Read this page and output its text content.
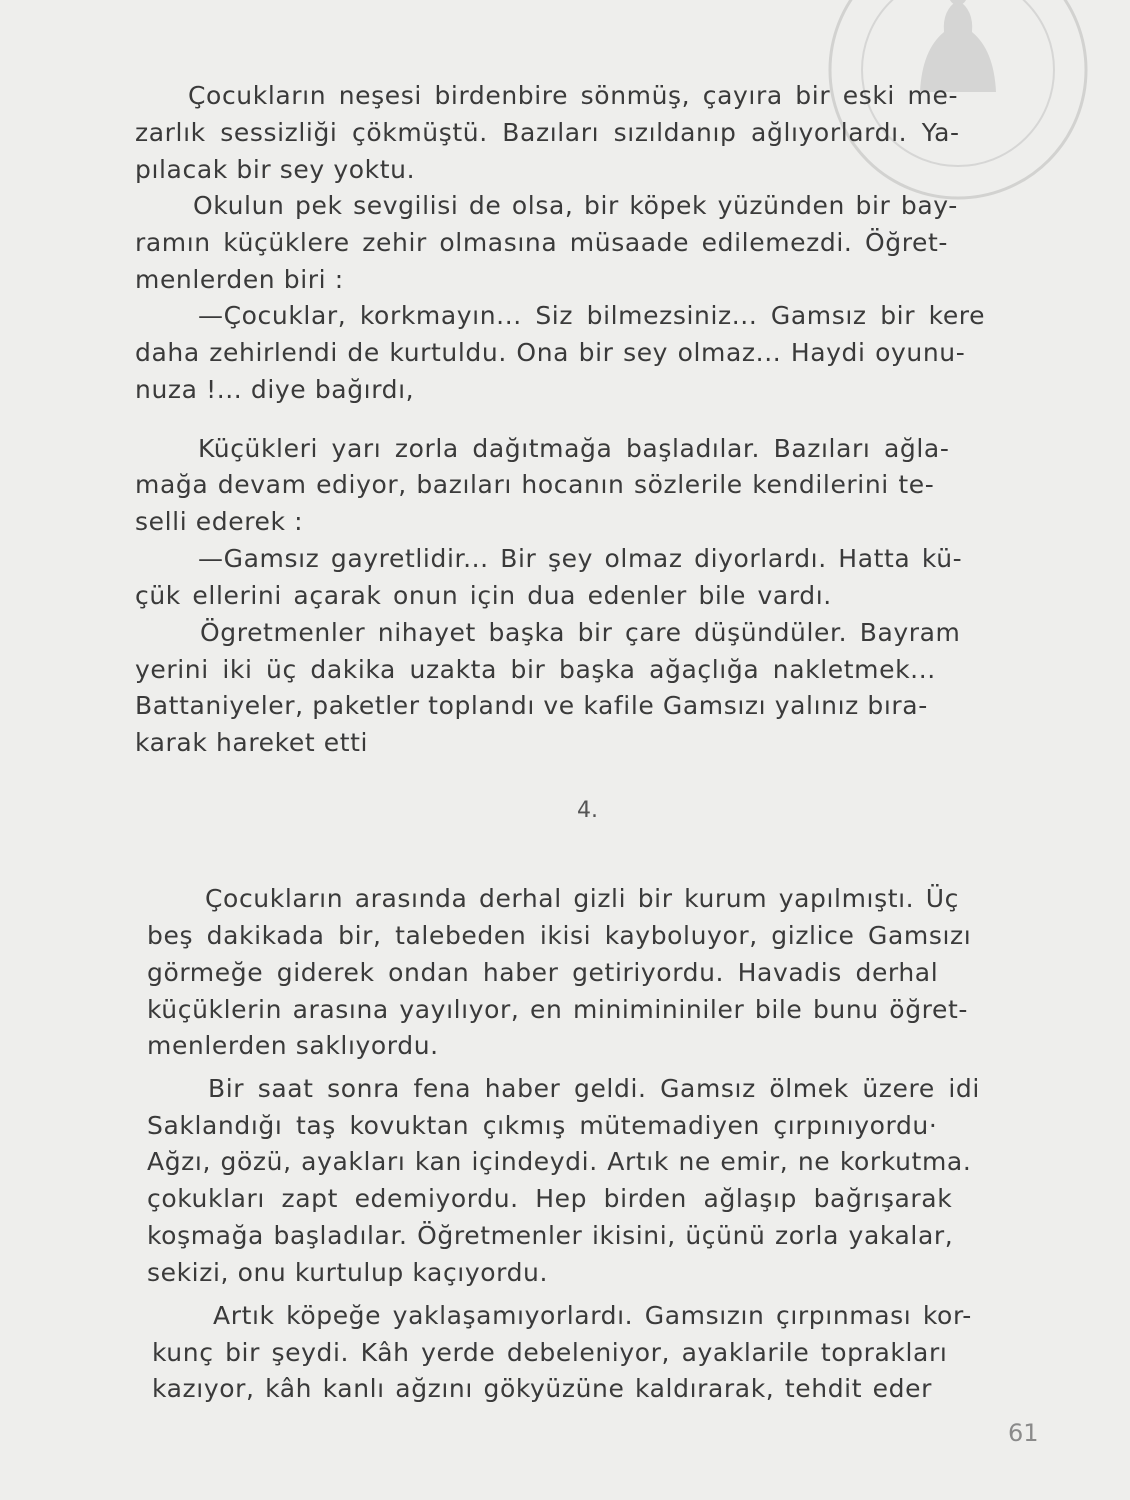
Çocukların neşesi birdenbire sönmüş, çayıra bir eski me-
zarlık sessizliği çökmüştü. Bazıları sızıldanıp ağlıyorlardı. Ya-
pılacak bir sey yoktu.
Okulun pek sevgilisi de olsa, bir köpek yüzünden bir bay-
ramın küçüklere zehir olmasına müsaade edilemezdi. Öğret-
menlerden biri :
—Çocuklar, korkmayın... Siz bilmezsiniz... Gamsız bir kere
daha zehirlendi de kurtuldu. Ona bir sey olmaz... Haydi oyunu-
nuza !... diye bağırdı,
Küçükleri yarı zorla dağıtmağa başladılar. Bazıları ağla-
mağa devam ediyor, bazıları hocanın sözlerile kendilerini te-
selli ederek :
—Gamsız gayretlidir... Bir şey olmaz diyorlardı. Hatta kü-
çük ellerini açarak onun için dua edenler bile vardı.
Ögretmenler nihayet başka bir çare düşündüler. Bayram
yerini iki üç dakika uzakta bir başka ağaçlığa nakletmek...
Battaniyeler, paketler toplandı ve kafile Gamsızı yalınız bıra-
karak hareket etti
4.
Çocukların arasında derhal gizli bir kurum yapılmıştı. Üç
beş dakikada bir, talebeden ikisi kayboluyor, gizlice Gamsızı
görmeğe giderek ondan haber getiriyordu. Havadis derhal
küçüklerin arasına yayılıyor, en minimininiler bile bunu öğret-
menlerden saklıyordu.
Bir saat sonra fena haber geldi. Gamsız ölmek üzere idi
Saklandığı taş kovuktan çıkmış mütemadiyen çırpınıyordu·
Ağzı, gözü, ayakları kan içindeydi. Artık ne emir, ne korkutma.
çokukları zapt edemiyordu. Hep birden ağlaşıp bağrışarak
koşmağa başladılar. Öğretmenler ikisini, üçünü zorla yakalar,
sekizi, onu kurtulup kaçıyordu.
Artık köpeğe yaklaşamıyorlardı. Gamsızın çırpınması kor-
kunç bir şeydi. Kâh yerde debeleniyor, ayaklarile toprakları
kazıyor, kâh kanlı ağzını gökyüzüne kaldırarak, tehdit eder
61
